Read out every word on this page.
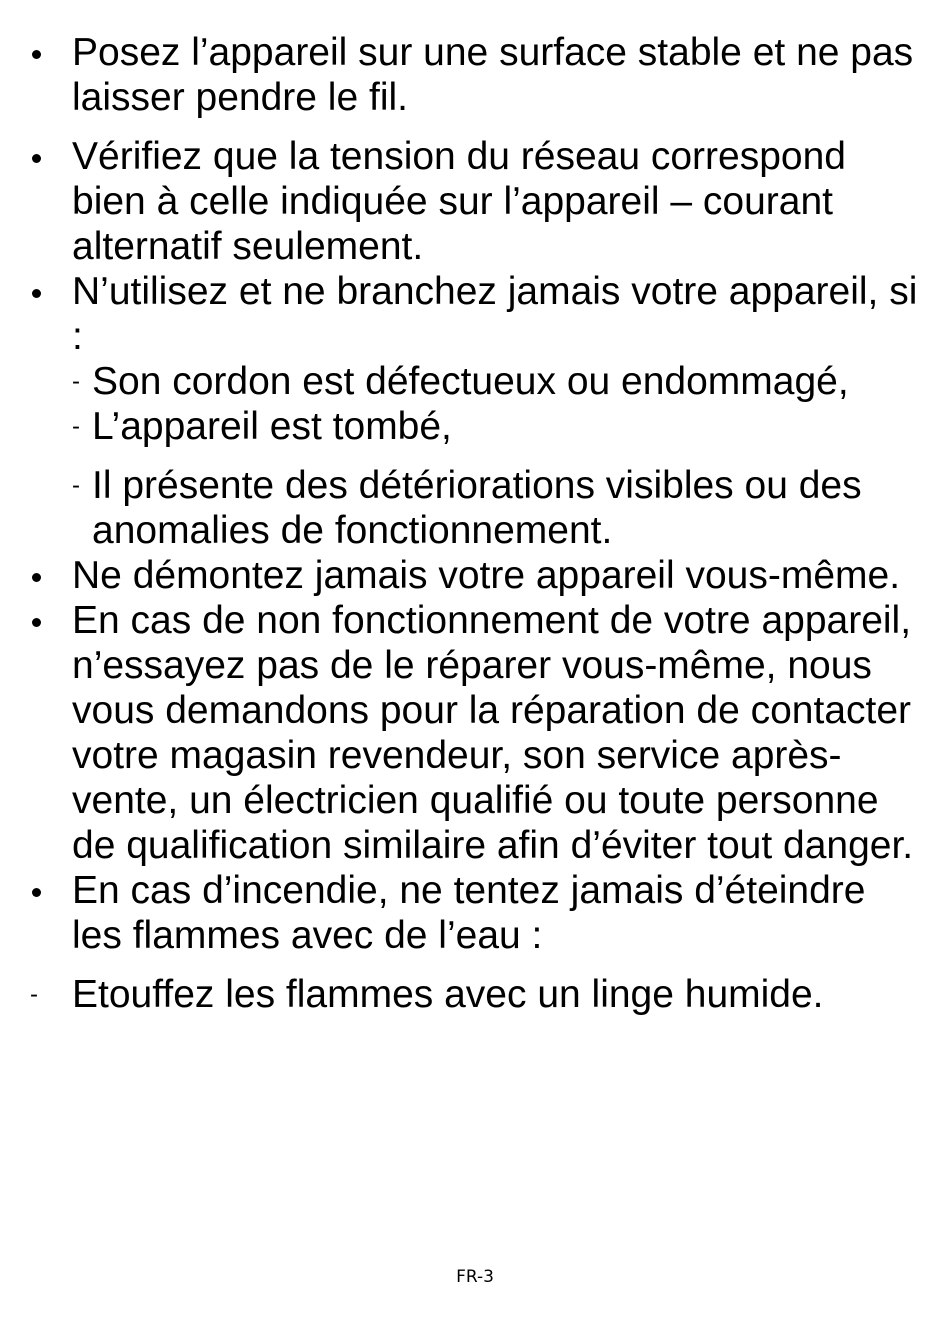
Posez l’appareil sur une surface stable et ne pas laisser pendre le fil.
Vérifiez que la tension du réseau correspond bien à celle indiquée sur l’appareil – courant alternatif seulement.
N’utilisez et ne branchez jamais votre appareil, si :
- Son cordon est défectueux ou endommagé,
- L’appareil est tombé,
- Il présente des détériorations visibles ou des anomalies de fonctionnement.
Ne démontez jamais votre appareil vous-même.
En cas de non fonctionnement de votre appareil, n’essayez pas de le réparer vous-même, nous vous demandons pour la réparation de contacter votre magasin revendeur, son service après- vente, un électricien qualifié ou toute personne de qualification similaire afin d’éviter tout danger.
En cas d’incendie, ne tentez jamais d’éteindre les flammes avec de l’eau :
- Etouffez les flammes avec un linge humide.
FR-3
